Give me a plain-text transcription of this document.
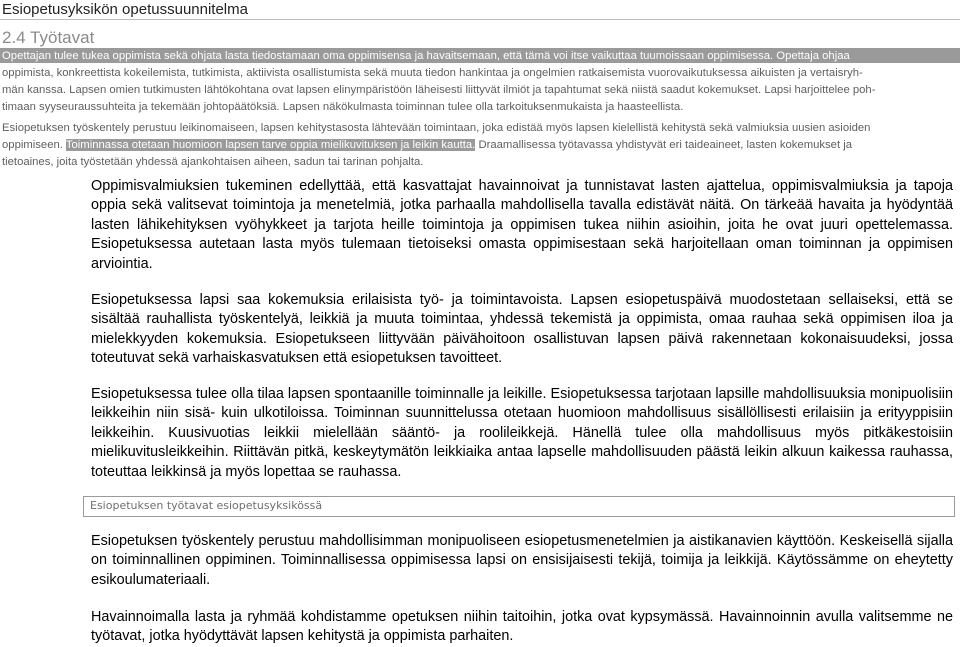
Esiopetusyksikön opetussuunnitelma
2.4 Työtavat
Opettajan tulee tukea oppimista sekä ohjata lasta tiedostamaan oma oppimisensa ja havaitsemaan, että tämä voi itse vaikuttaa tuumoissaan oppimisessa. Opettaja ohjaa
oppimista, konkreettista kokeilemista, tutkimista, aktiivista osallistumista sekä muuta tiedon hankintaa ja ongelmien ratkaisemista vuorovaikutuksessa aikuisten ja vertaisryh-
män kanssa. Lapsen omien tutkimusten lähtökohtana ovat lapsen elinympäristöön läheisesti liittyvät ilmiöt ja tapahtumat sekä niistä saadut kokemukset. Lapsi harjoittelee poh-
timaan syyseuraussuhteita ja tekemään johtopäätöksiä. Lapsen näkökulmasta toiminnan tulee olla tarkoituksenmukaista ja haasteellista.
Esiopetuksen työskentely perustuu leikinomaiseen, lapsen kehitystasosta lähtevään toimintaan, joka edistää myös lapsen kielellistä kehitystä sekä valmiuksia uusien asioiden
oppimiseen. Toiminnassa otetaan huomioon lapsen tarve oppia mielikuvituksen ja leikin kautta. Draamallisessa työtavassa yhdistyvät eri taideaineet, lasten kokemukset ja
tietoaines, joita työstetään yhdessä ajankohtaisen aiheen, sadun tai tarinan pohjalta.

Oppimisvalmiuksien tukeminen edellyttää, että kasvattajat havainnoivat ja tunnistavat lasten ajattelua, oppimisvalmiuksia ja tapoja oppia sekä valitsevat toimintoja ja menetelmiä, jotka parhaalla mahdollisella tavalla edistävät näitä. On tärkeää havaita ja hyödyntää lasten lähikehityksen vyöhykkeet ja tarjota heille toimintoja ja oppimisen tukea niihin asioihin, joita he ovat juuri opettelemassa. Esiopetuksessa autetaan lasta myös tulemaan tietoiseksi omasta oppimisestaan sekä harjoitellaan oman toiminnan ja oppimisen arviointia.

Esiopetuksessa lapsi saa kokemuksia erilaisista työ- ja toimintavoista. Lapsen esiopetuspäivä muodostetaan sellaiseksi, että se sisältää rauhallista työskentelyä, leikkiä ja muuta toimintaa, yhdessä tekemistä ja oppimista, omaa rauhaa sekä oppimisen iloa ja mielekkyyden kokemuksia. Esiopetukseen liittyvään päivähoitoon osallistuvan lapsen päivä rakennetaan kokonaisuudeksi, jossa toteutuvat sekä varhaiskasvatuksen että esiopetuksen tavoitteet.

Esiopetuksessa tulee olla tilaa lapsen spontaanille toiminnalle ja leikille. Esiopetuksessa tarjotaan lapsille mahdollisuuksia monipuolisiin leikkeihin niin sisä- kuin ulkotiloissa. Toiminnan suunnittelussa otetaan huomioon mahdollisuus sisällöllisesti erilaisiin ja erityyppisiin leikkeihin. Kuusivuotias leikkii mielellään sääntö- ja roolileikkejä. Hänellä tulee olla mahdollisuus myös pitkäkestoisiin mielikuvitusleikkeihin. Riittävän pitkä, keskeytymätön leikkiaika antaa lapselle mahdollisuuden päästä leikin alkuun kaikessa rauhassa, toteuttaa leikkinsä ja myös lopettaa se rauhassa.

Esiopetuksen työtavat esiopetusyksikössä

Esiopetuksen työskentely perustuu mahdollisimman monipuoliseen esiopetusmenetelmien ja aistikanavien käyttöön. Keskeisellä sijalla on toiminnallinen oppiminen. Toiminnallisessa oppimisessa lapsi on ensisijaisesti tekijä, toimija ja leikkijä. Käytössämme on eheytetty esikoulumateriaali.

Havainnoimalla lasta ja ryhmää kohdistamme opetuksen niihin taitoihin, jotka ovat kypsymässä. Havainnoinnin avulla valitsemme ne työtavat, jotka hyödyttävät lapsen kehitystä ja oppimista parhaiten.
